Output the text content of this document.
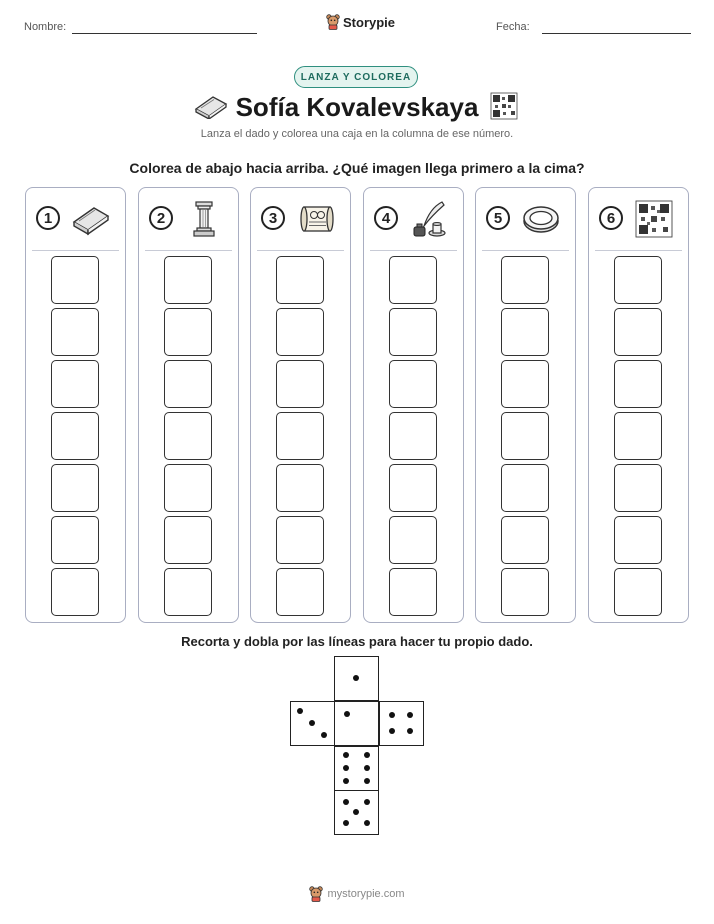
Nombre:	Storypie	Fecha:
LANZA Y COLOREA
Sofía Kovalevskaya
Lanza el dado y colorea una caja en la columna de ese número.
Colorea de abajo hacia arriba. ¿Qué imagen llega primero a la cima?
1	2	3	4	5	6
Recorta y dobla por las líneas para hacer tu propio dado.
mystorypie.com
